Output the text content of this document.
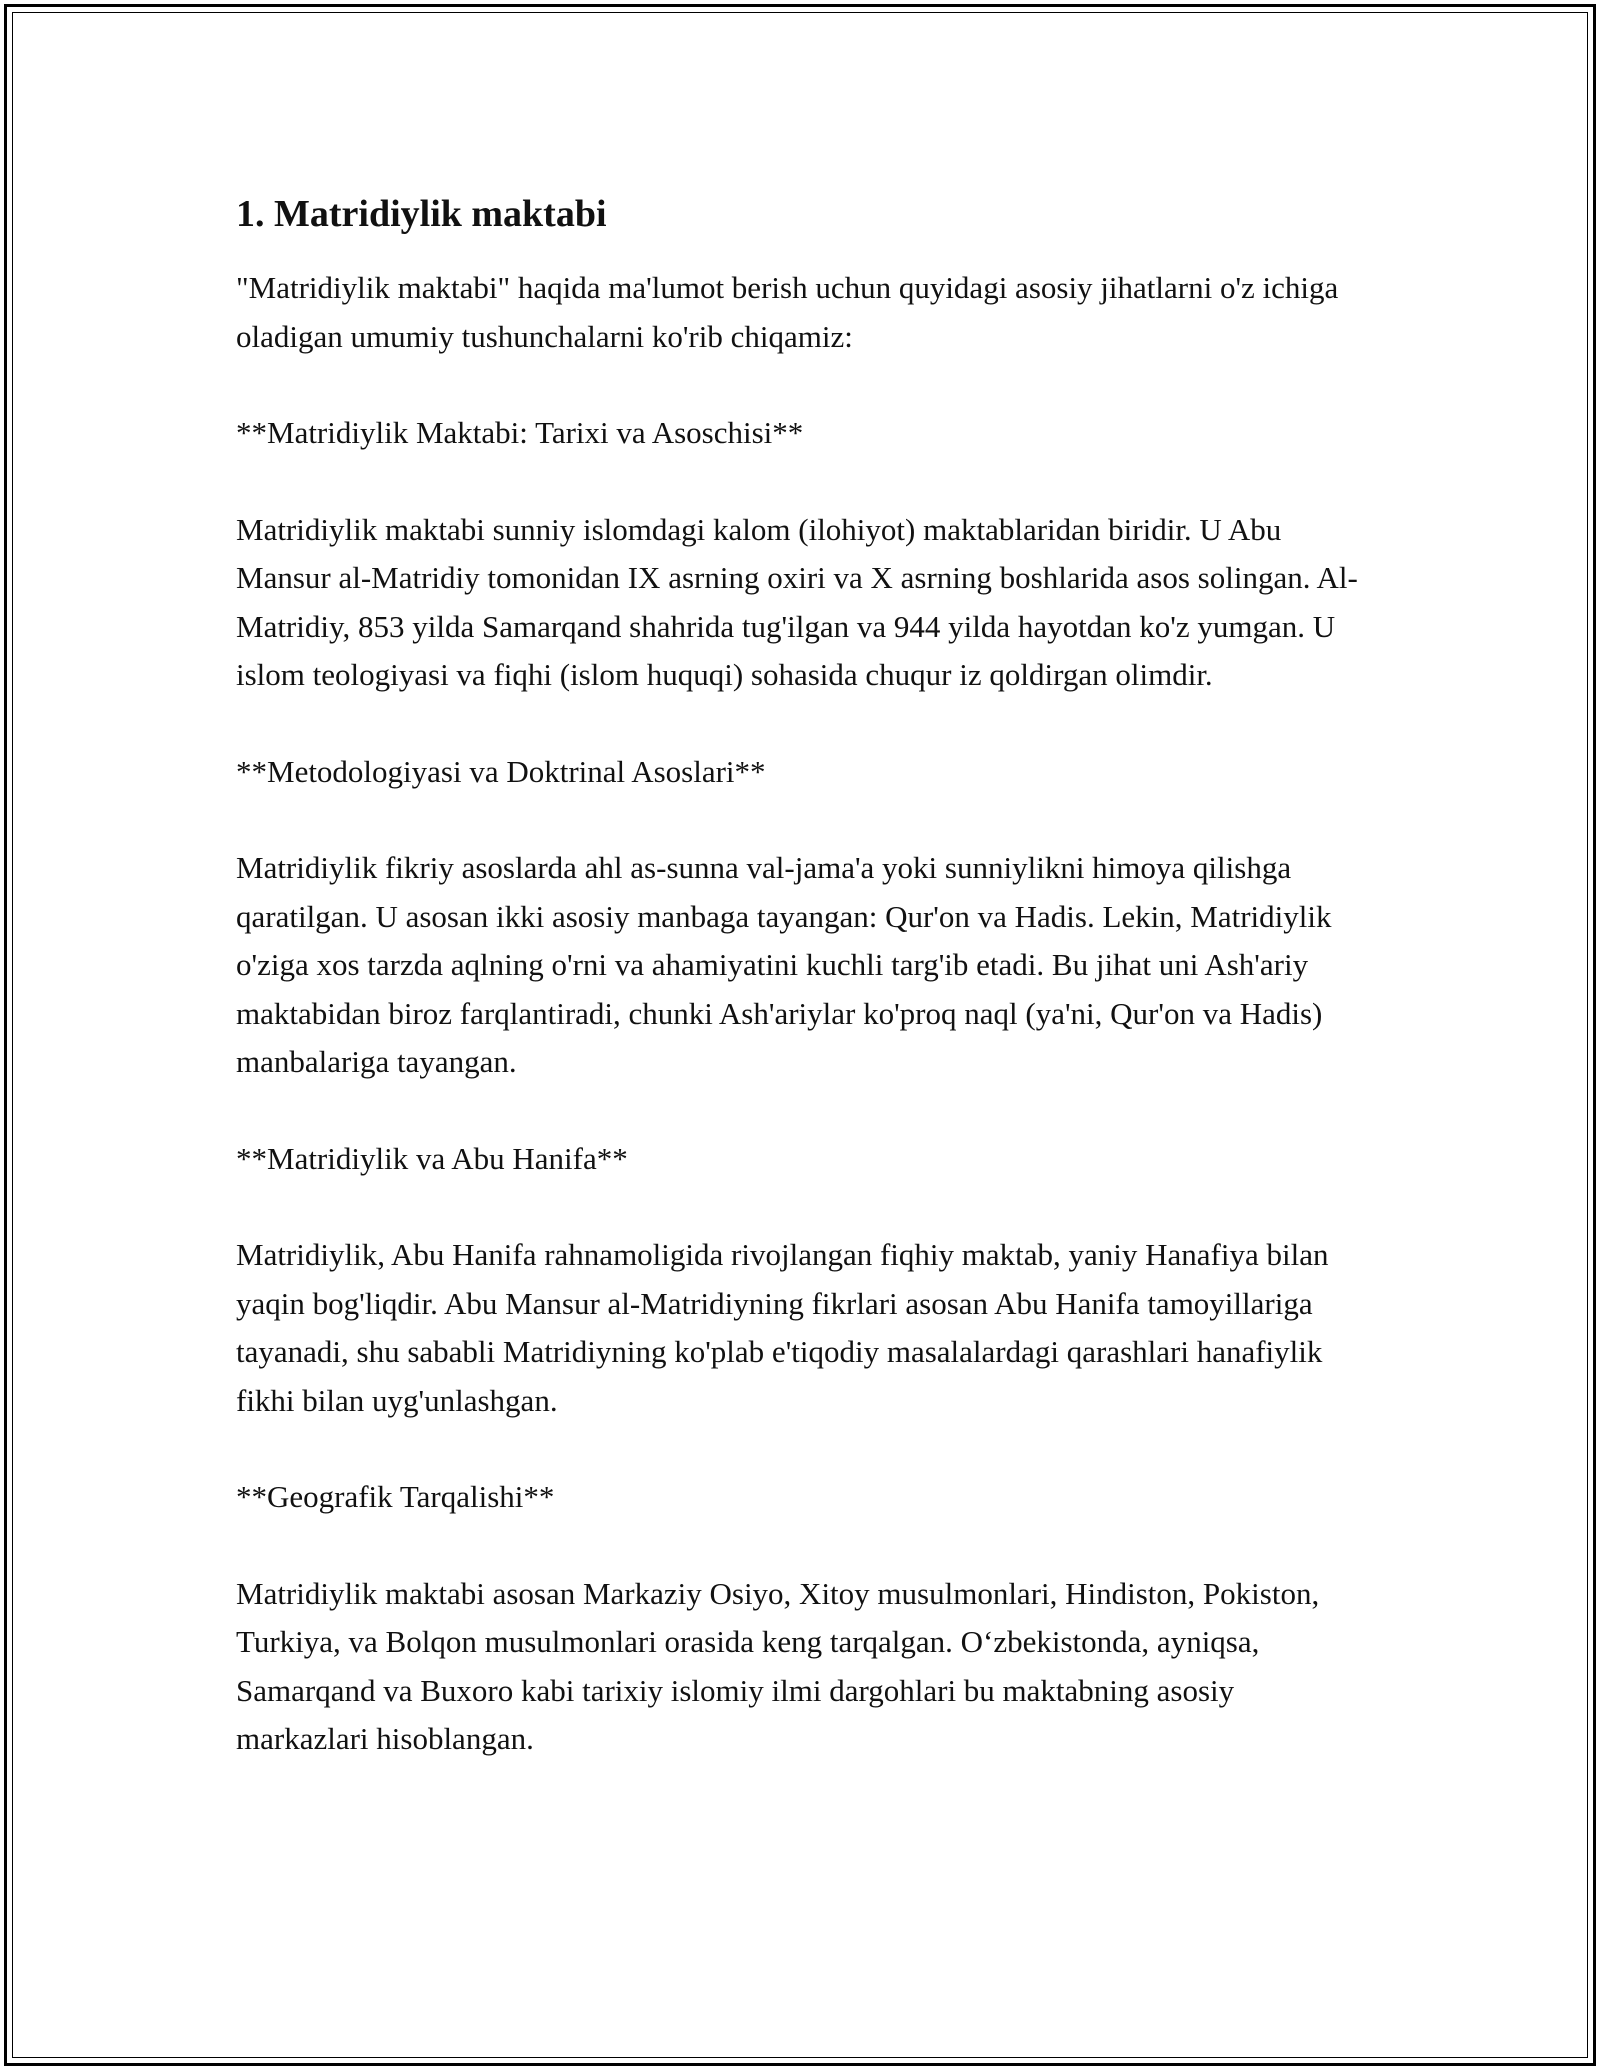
1. Matridiylik maktabi

"Matridiylik maktabi" haqida ma'lumot berish uchun quyidagi asosiy jihatlarni o'z ichiga oladigan umumiy tushunchalarni ko'rib chiqamiz:

**Matridiylik Maktabi: Tarixi va Asoschisi**

Matridiylik maktabi sunniy islomdagi kalom (ilohiyot) maktablaridan biridir. U Abu Mansur al-Matridiy tomonidan IX asrning oxiri va X asrning boshlarida asos solingan. Al-Matridiy, 853 yilda Samarqand shahrida tug'ilgan va 944 yilda hayotdan ko'z yumgan. U islom teologiyasi va fiqhi (islom huquqi) sohasida chuqur iz qoldirgan olimdir.

**Metodologiyasi va Doktrinal Asoslari**

Matridiylik fikriy asoslarda ahl as-sunna val-jama'a yoki sunniylikni himoya qilishga qaratilgan. U asosan ikki asosiy manbaga tayangan: Qur'on va Hadis. Lekin, Matridiylik o'ziga xos tarzda aqlning o'rni va ahamiyatini kuchli targ'ib etadi. Bu jihat uni Ash'ariy maktabidan biroz farqlantiradi, chunki Ash'ariylar ko'proq naql (ya'ni, Qur'on va Hadis) manbalariga tayangan.

**Matridiylik va Abu Hanifa**

Matridiylik, Abu Hanifa rahnamoligida rivojlangan fiqhiy maktab, yaniy Hanafiya bilan yaqin bog'liqdir. Abu Mansur al-Matridiyning fikrlari asosan Abu Hanifa tamoyillariga tayanadi, shu sababli Matridiyning ko'plab e'tiqodiy masalalardagi qarashlari hanafiylik fikhi bilan uyg'unlashgan.

**Geografik Tarqalishi**

Matridiylik maktabi asosan Markaziy Osiyo, Xitoy musulmonlari, Hindiston, Pokiston, Turkiya, va Bolqon musulmonlari orasida keng tarqalgan. O‘zbekistonda, ayniqsa, Samarqand va Buxoro kabi tarixiy islomiy ilmi dargohlari bu maktabning asosiy markazlari hisoblangan.
